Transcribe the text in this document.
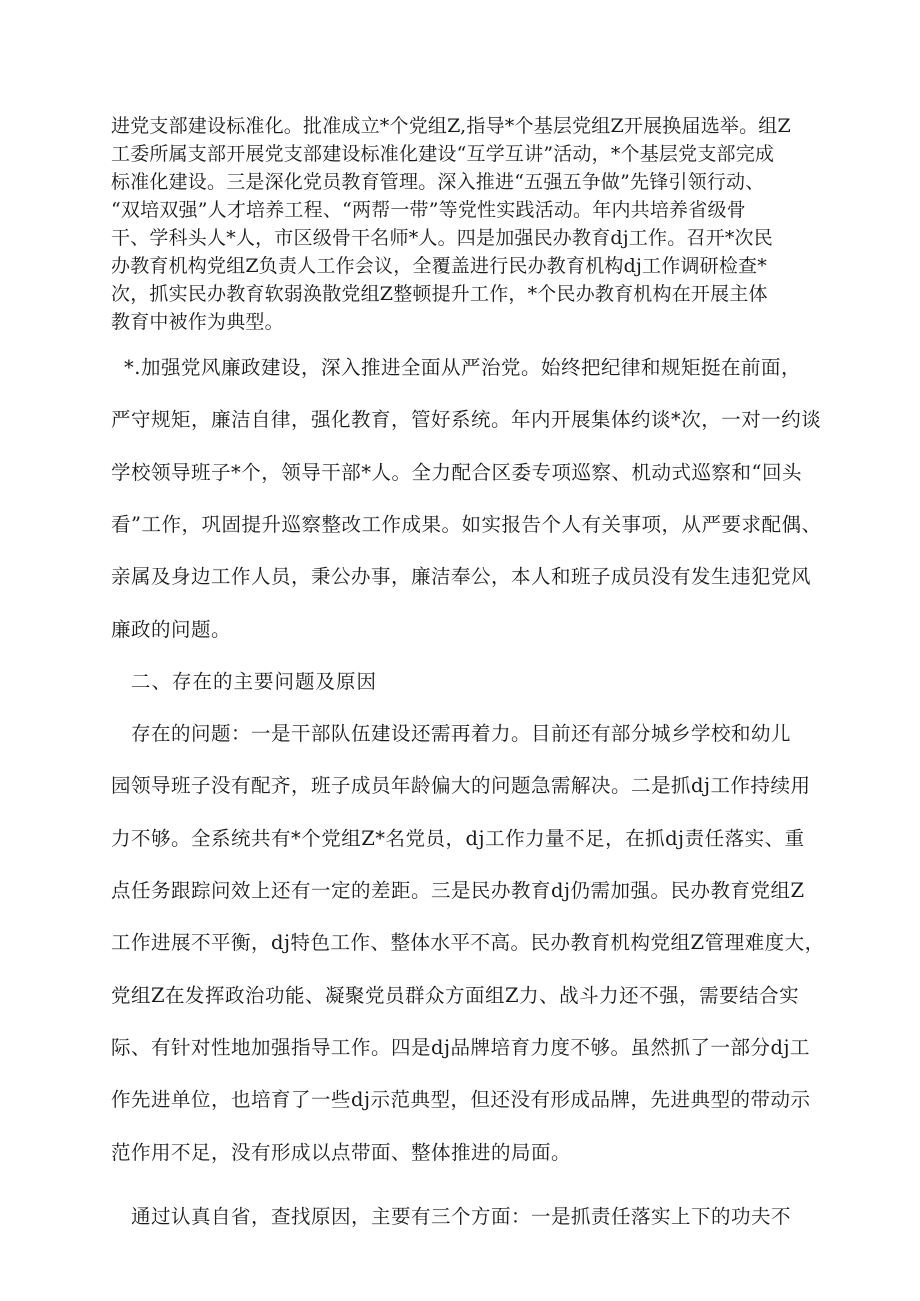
进党支部建设标准化。批准成立*个党组Z,指导*个基层党组Z开展换届选举。组Z
工委所属支部开展党支部建设标准化建设“互学互讲”活动，*个基层党支部完成
标准化建设。三是深化党员教育管理。深入推进“五强五争做”先锋引领行动、
“双培双强”人才培养工程、“两帮一带”等党性实践活动。年内共培养省级骨
干、学科头人*人，市区级骨干名师*人。四是加强民办教育dj工作。召开*次民
办教育机构党组Z负责人工作会议，全覆盖进行民办教育机构dj工作调研检查*
次，抓实民办教育软弱涣散党组Z整顿提升工作，*个民办教育机构在开展主体
教育中被作为典型。
*.加强党风廉政建设，深入推进全面从严治党。始终把纪律和规矩挺在前面，
严守规矩，廉洁自律，强化教育，管好系统。年内开展集体约谈*次，一对一约谈
学校领导班子*个，领导干部*人。全力配合区委专项巡察、机动式巡察和“回头
看”工作，巩固提升巡察整改工作成果。如实报告个人有关事项，从严要求配偶、
亲属及身边工作人员，秉公办事，廉洁奉公，本人和班子成员没有发生违犯党风
廉政的问题。
二、存在的主要问题及原因
存在的问题：一是干部队伍建设还需再着力。目前还有部分城乡学校和幼儿
园领导班子没有配齐，班子成员年龄偏大的问题急需解决。二是抓dj工作持续用
力不够。全系统共有*个党组Z*名党员，dj工作力量不足，在抓dj责任落实、重
点任务跟踪问效上还有一定的差距。三是民办教育dj仍需加强。民办教育党组Z
工作进展不平衡，dj特色工作、整体水平不高。民办教育机构党组Z管理难度大，
党组Z在发挥政治功能、凝聚党员群众方面组Z力、战斗力还不强，需要结合实
际、有针对性地加强指导工作。四是dj品牌培育力度不够。虽然抓了一部分dj工
作先进单位，也培育了一些dj示范典型，但还没有形成品牌，先进典型的带动示
范作用不足，没有形成以点带面、整体推进的局面。
通过认真自省，查找原因，主要有三个方面：一是抓责任落实上下的功夫不
